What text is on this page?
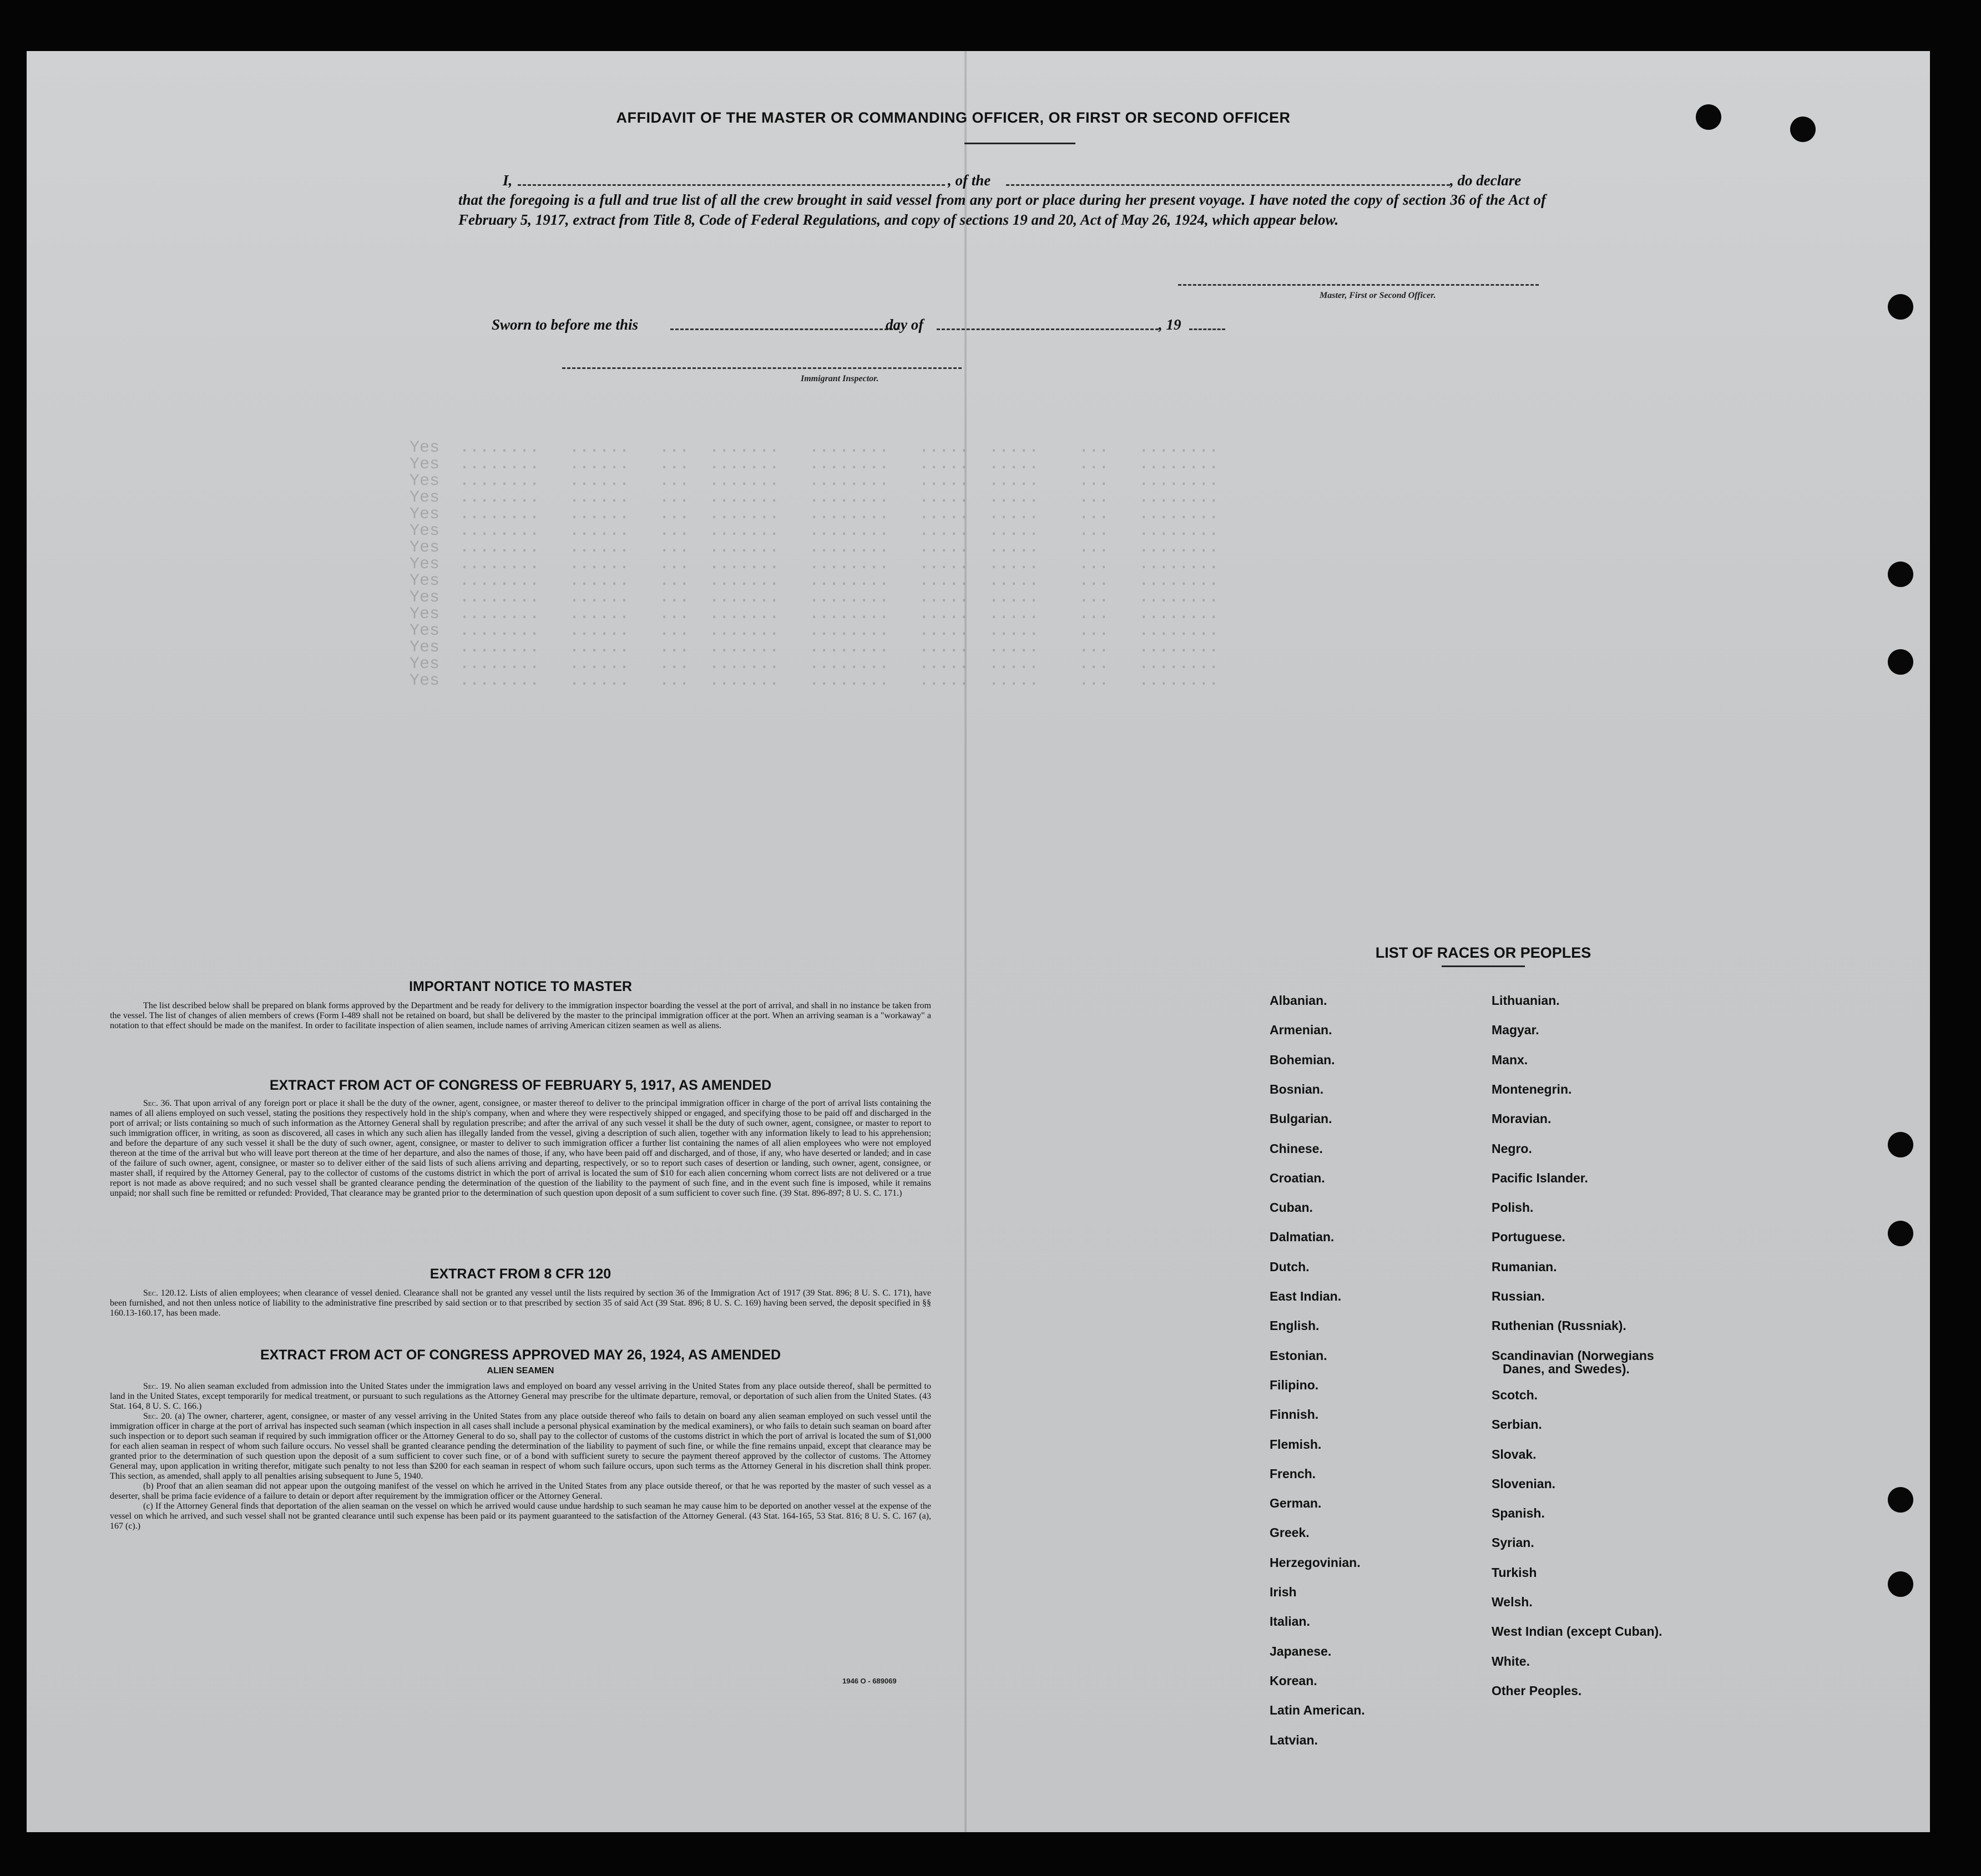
Yes  ........   ......   ...  .......   ........   .....  .....    ...   ........
Yes  ........   ......   ...  .......   ........   .....  .....    ...   ........
Yes  ........   ......   ...  .......   ........   .....  .....    ...   ........
Yes  ........   ......   ...  .......   ........   .....  .....    ...   ........
Yes  ........   ......   ...  .......   ........   .....  .....    ...   ........
Yes  ........   ......   ...  .......   ........   .....  .....    ...   ........
Yes  ........   ......   ...  .......   ........   .....  .....    ...   ........
Yes  ........   ......   ...  .......   ........   .....  .....    ...   ........
Yes  ........   ......   ...  .......   ........   .....  .....    ...   ........
Yes  ........   ......   ...  .......   ........   .....  .....    ...   ........
Yes  ........   ......   ...  .......   ........   .....  .....    ...   ........
Yes  ........   ......   ...  .......   ........   .....  .....    ...   ........
Yes  ........   ......   ...  .......   ........   .....  .....    ...   ........
Yes  ........   ......   ...  .......   ........   .....  .....    ...   ........
Yes  ........   ......   ...  .......   ........   .....  .....    ...   ........
AFFIDAVIT OF THE MASTER OR COMMANDING OFFICER, OR FIRST OR SECOND OFFICER
I,	, of the	, do declare
that the foregoing is a full and true list of all the crew brought in said vessel from any port or place during her present voyage. I have noted the copy of section 36 of the Act of February 5, 1917, extract from Title 8, Code of Federal Regulations, and copy of sections 19 and 20, Act of May 26, 1924, which appear below.
Master, First or Second Officer.
Sworn to before me this	day of	, 19
Immigrant Inspector.
IMPORTANT NOTICE TO MASTER
The list described below shall be prepared on blank forms approved by the Department and be ready for delivery to the immigration inspector boarding the vessel at the port of arrival, and shall in no instance be taken from the vessel. The list of changes of alien members of crews (Form I-489 shall not be retained on board, but shall be delivered by the master to the principal immigration officer at the port. When an arriving seaman is a "workaway" a notation to that effect should be made on the manifest. In order to facilitate inspection of alien seamen, include names of arriving American citizen seamen as well as aliens.
EXTRACT FROM ACT OF CONGRESS OF FEBRUARY 5, 1917, AS AMENDED
Sec. 36. That upon arrival of any foreign port or place it shall be the duty of the owner, agent, consignee, or master thereof to deliver to the principal immigration officer in charge of the port of arrival lists containing the names of all aliens employed on such vessel, stating the positions they respectively hold in the ship's company, when and where they were respectively shipped or engaged, and specifying those to be paid off and discharged in the port of arrival; or lists containing so much of such information as the Attorney General shall by regulation prescribe; and after the arrival of any such vessel it shall be the duty of such owner, agent, consignee, or master to report to such immigration officer, in writing, as soon as discovered, all cases in which any such alien has illegally landed from the vessel, giving a description of such alien, together with any information likely to lead to his apprehension; and before the departure of any such vessel it shall be the duty of such owner, agent, consignee, or master to deliver to such immigration officer a further list containing the names of all alien employees who were not employed thereon at the time of the arrival but who will leave port thereon at the time of her departure, and also the names of those, if any, who have been paid off and discharged, and of those, if any, who have deserted or landed; and in case of the failure of such owner, agent, consignee, or master so to deliver either of the said lists of such aliens arriving and departing, respectively, or so to report such cases of desertion or landing, such owner, agent, consignee, or master shall, if required by the Attorney General, pay to the collector of customs of the customs district in which the port of arrival is located the sum of $10 for each alien concerning whom correct lists are not delivered or a true report is not made as above required; and no such vessel shall be granted clearance pending the determination of the question of the liability to the payment of such fine, and in the event such fine is imposed, while it remains unpaid; nor shall such fine be remitted or refunded: Provided, That clearance may be granted prior to the determination of such question upon deposit of a sum sufficient to cover such fine. (39 Stat. 896-897; 8 U. S. C. 171.)
EXTRACT FROM 8 CFR 120
Sec. 120.12. Lists of alien employees; when clearance of vessel denied. Clearance shall not be granted any vessel until the lists required by section 36 of the Immigration Act of 1917 (39 Stat. 896; 8 U. S. C. 171), have been furnished, and not then unless notice of liability to the administrative fine prescribed by said section or to that prescribed by section 35 of said Act (39 Stat. 896; 8 U. S. C. 169) having been served, the deposit specified in §§ 160.13-160.17, has been made.
EXTRACT FROM ACT OF CONGRESS APPROVED MAY 26, 1924, AS AMENDED
ALIEN SEAMEN
Sec. 19. No alien seaman excluded from admission into the United States under the immigration laws and employed on board any vessel arriving in the United States from any place outside thereof, shall be permitted to land in the United States, except temporarily for medical treatment, or pursuant to such regulations as the Attorney General may prescribe for the ultimate departure, removal, or deportation of such alien from the United States. (43 Stat. 164, 8 U. S. C. 166.)
Sec. 20. (a) The owner, charterer, agent, consignee, or master of any vessel arriving in the United States from any place outside thereof who fails to detain on board any alien seaman employed on such vessel until the immigration officer in charge at the port of arrival has inspected such seaman (which inspection in all cases shall include a personal physical examination by the medical examiners), or who fails to detain such seaman on board after such inspection or to deport such seaman if required by such immigration officer or the Attorney General to do so, shall pay to the collector of customs of the customs district in which the port of arrival is located the sum of $1,000 for each alien seaman in respect of whom such failure occurs. No vessel shall be granted clearance pending the determination of the liability to payment of such fine, or while the fine remains unpaid, except that clearance may be granted prior to the determination of such question upon the deposit of a sum sufficient to cover such fine, or of a bond with sufficient surety to secure the payment thereof approved by the collector of customs. The Attorney General may, upon application in writing therefor, mitigate such penalty to not less than $200 for each seaman in respect of whom such failure occurs, upon such terms as the Attorney General in his discretion shall think proper. This section, as amended, shall apply to all penalties arising subsequent to June 5, 1940.
(b) Proof that an alien seaman did not appear upon the outgoing manifest of the vessel on which he arrived in the United States from any place outside thereof, or that he was reported by the master of such vessel as a deserter, shall be prima facie evidence of a failure to detain or deport after requirement by the immigration officer or the Attorney General.
(c) If the Attorney General finds that deportation of the alien seaman on the vessel on which he arrived would cause undue hardship to such seaman he may cause him to be deported on another vessel at the expense of the vessel on which he arrived, and such vessel shall not be granted clearance until such expense has been paid or its payment guaranteed to the satisfaction of the Attorney General. (43 Stat. 164-165, 53 Stat. 816; 8 U. S. C. 167 (a), 167 (c).)
1946 O - 689069
LIST OF RACES OR PEOPLES
Albanian.
Armenian.
Bohemian.
Bosnian.
Bulgarian.
Chinese.
Croatian.
Cuban.
Dalmatian.
Dutch.
East Indian.
English.
Estonian.
Filipino.
Finnish.
Flemish.
French.
German.
Greek.
Herzegovinian.
Irish
Italian.
Japanese.
Korean.
Latin American.
Latvian.
Lithuanian.
Magyar.
Manx.
Montenegrin.
Moravian.
Negro.
Pacific Islander.
Polish.
Portuguese.
Rumanian.
Russian.
Ruthenian (Russniak).
Scandinavian (Norwegians
Danes, and Swedes).
Scotch.
Serbian.
Slovak.
Slovenian.
Spanish.
Syrian.
Turkish
Welsh.
West Indian (except Cuban).
White.
Other Peoples.
